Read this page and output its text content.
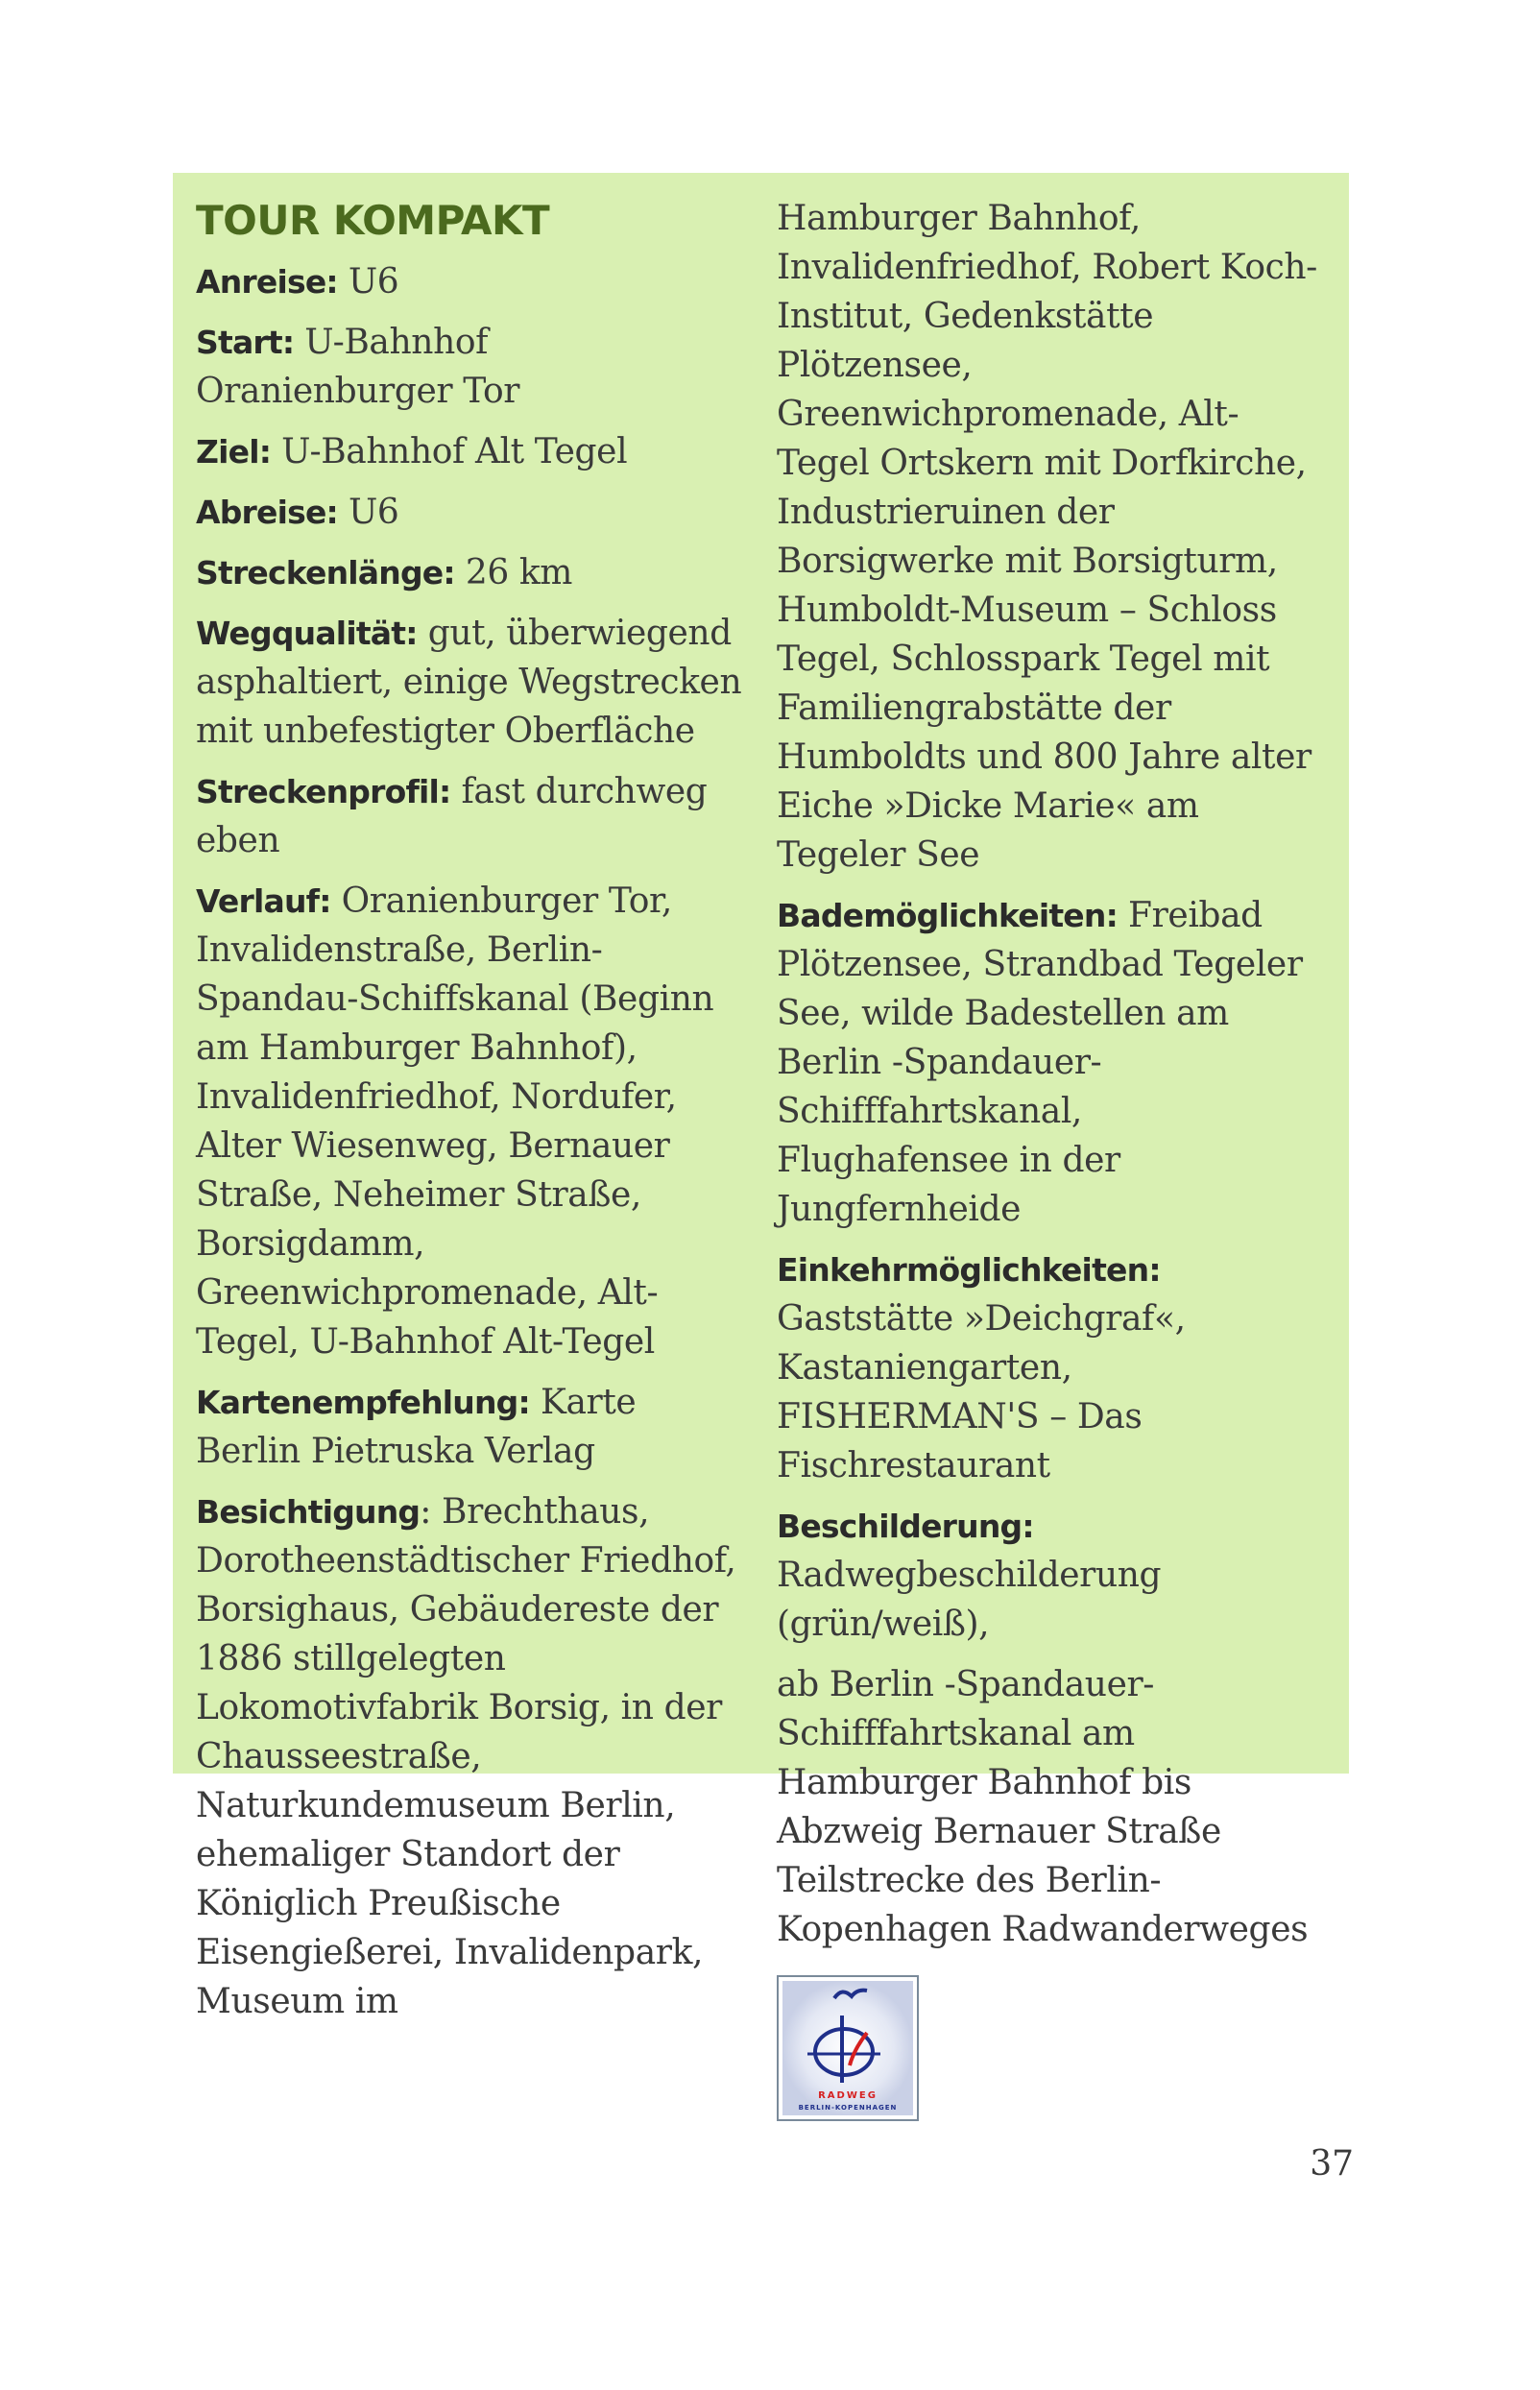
TOUR KOMPAKT
Anreise: U6
Start: U-Bahnhof Oranienburger Tor
Ziel: U-Bahnhof Alt Tegel
Abreise: U6
Streckenlänge: 26 km
Wegqualität: gut, überwiegend asphaltiert, einige Wegstrecken mit unbefestigter Oberfläche
Streckenprofil: fast durchweg eben
Verlauf: Oranienburger Tor, Invalidenstraße, Berlin-Spandau-Schiffskanal (Beginn am Hamburger Bahnhof), Invalidenfriedhof, Nordufer, Alter Wiesenweg, Bernauer Straße, Neheimer Straße, Borsigdamm, Greenwichpromenade, Alt-Tegel, U-Bahnhof Alt-Tegel
Kartenempfehlung: Karte Berlin Pietruska Verlag
Besichtigung: Brechthaus, Dorotheenstädtischer Friedhof, Borsighaus, Gebäudereste der 1886 stillgelegten Lokomotivfabrik Borsig, in der Chausseestraße, Naturkundemuseum Berlin, ehemaliger Standort der Königlich Preußische Eisengießerei, Invalidenpark, Museum im
Hamburger Bahnhof, Invalidenfriedhof, Robert Koch-Institut, Gedenkstätte Plötzensee, Greenwichpromenade, Alt-Tegel Ortskern mit Dorfkirche, Industrieruinen der Borsigwerke mit Borsigturm, Humboldt-Museum – Schloss Tegel, Schlosspark Tegel mit Familiengrabstätte der Humboldts und 800 Jahre alter Eiche »Dicke Marie« am Tegeler See
Bademöglichkeiten: Freibad Plötzensee, Strandbad Tegeler See, wilde Badestellen am Berlin -Spandauer-Schifffahrtskanal, Flughafensee in der Jungfernheide
Einkehrmöglichkeiten: Gaststätte »Deichgraf«, Kastaniengarten, FISHERMAN'S – Das Fischrestaurant
Beschilderung: Radwegbeschilderung (grün/weiß),
ab Berlin -Spandauer-Schifffahrtskanal am Hamburger Bahnhof bis Abzweig Bernauer Straße Teilstrecke des Berlin-Kopenhagen Radwanderweges
RADWEG
BERLIN-KOPENHAGEN
37
